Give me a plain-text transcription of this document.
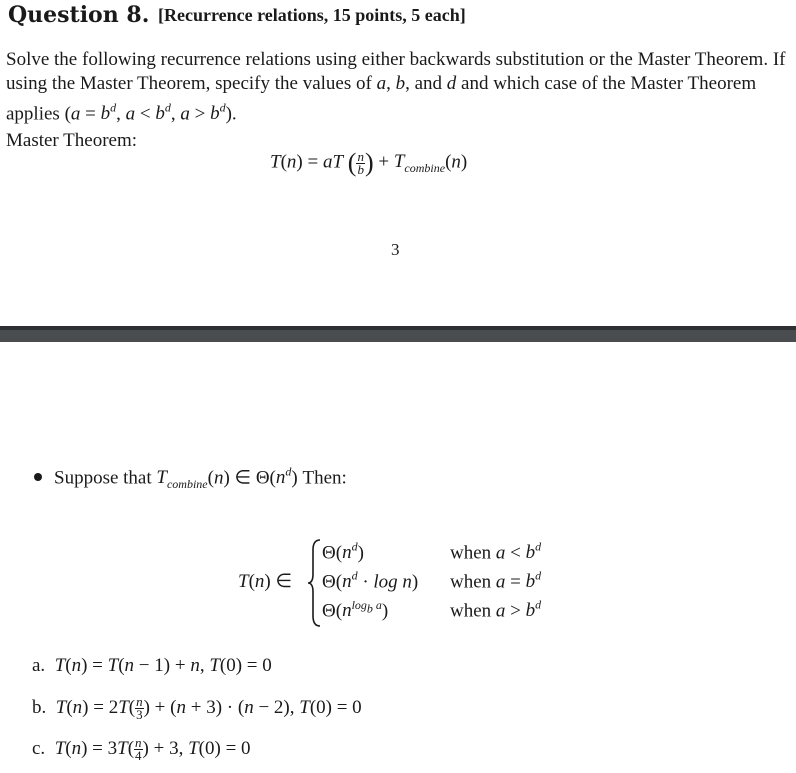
Question 8. [Recurrence relations, 15 points, 5 each]
Solve the following recurrence relations using either backwards substitution or the Master Theorem. If using the Master Theorem, specify the values of a, b, and d and which case of the Master Theorem applies ($a = b^d$, $a < b^d$, $a > b^d$).
Master Theorem:
T(n) = aT ( $\frac{n}{b}$ ) + $T_{combine}(n)$
3
Suppose that $T_{combine}(n)$ ∈ $\Theta(n^d)$ Then:
T(n) ∈
$\Theta(n^d)$	when $a < b^d$
$\Theta(n^d \cdot \log n)$ when $a = b^d$
$\Theta(n^{log_b a})$	when $a > b^d$
a.  T(n) = T(n − 1) + n, T(0) = 0
b.  $T(n) = 2T( \frac{n}{3}$ ) + (n + 3) · (n − 2), T(0) = 0
c.  $T(n) = 3T( \frac{n}{4}$ ) + 3, T(0) = 0
